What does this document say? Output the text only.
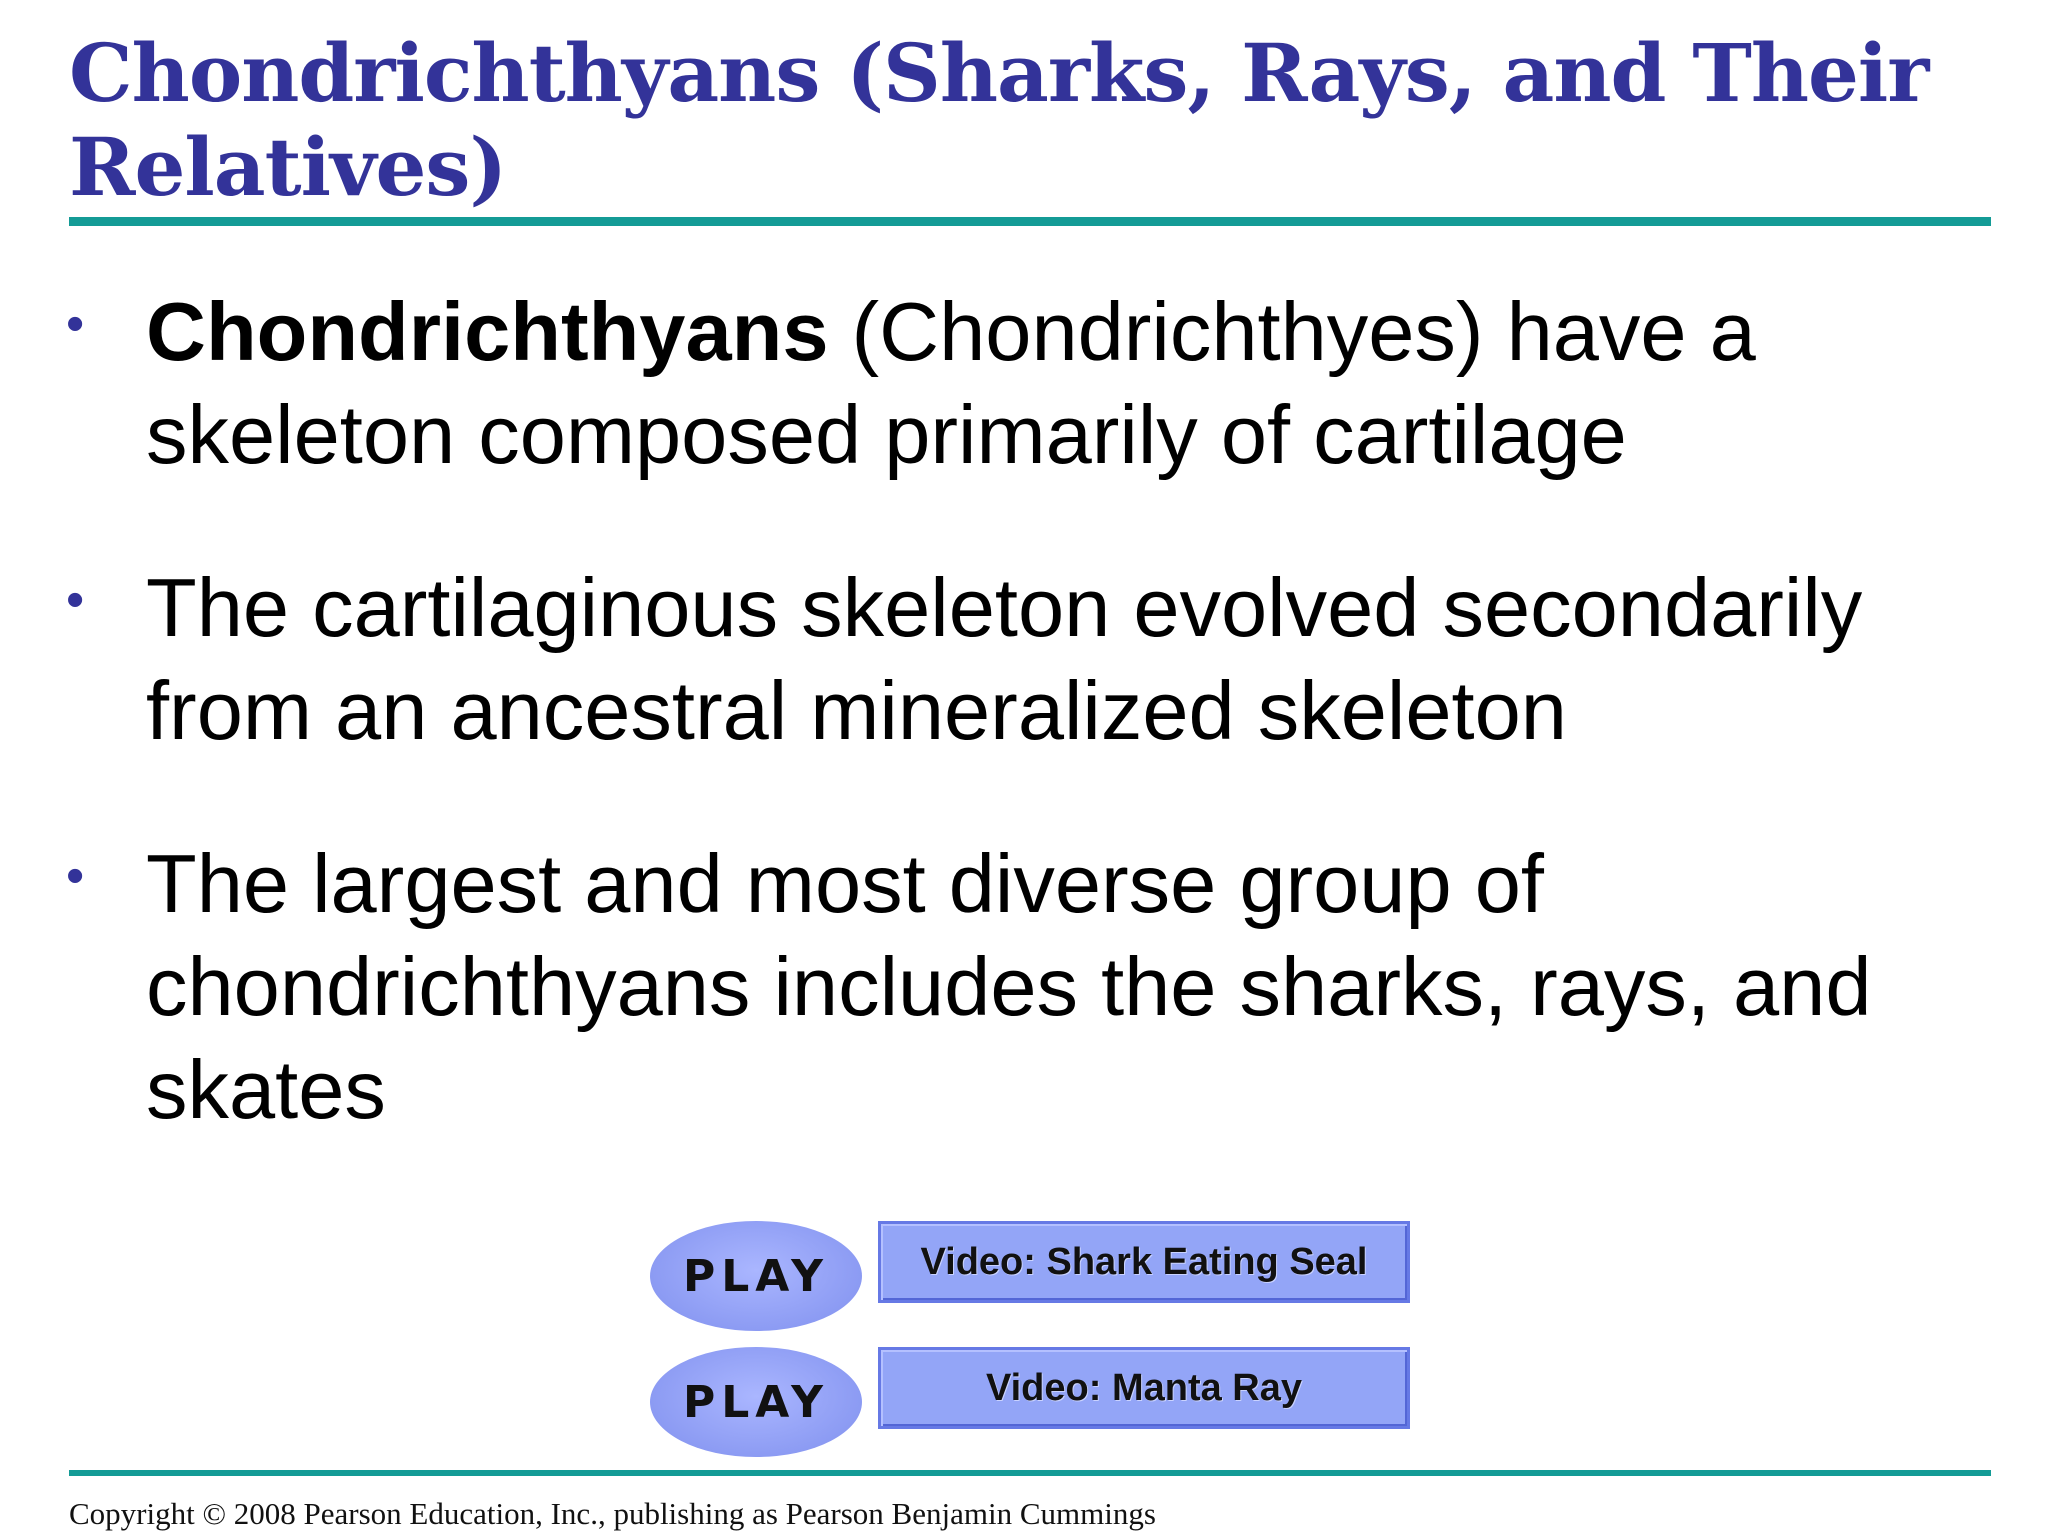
Chondrichthyans (Sharks, Rays, and Their Relatives)
• Chondrichthyans (Chondrichthyes) have a skeleton composed primarily of cartilage
• The cartilaginous skeleton evolved secondarily from an ancestral mineralized skeleton
• The largest and most diverse group of chondrichthyans includes the sharks, rays, and skates
PLAY	Video: Shark Eating Seal
PLAY	Video: Manta Ray
Copyright © 2008 Pearson Education, Inc., publishing as Pearson Benjamin Cummings
